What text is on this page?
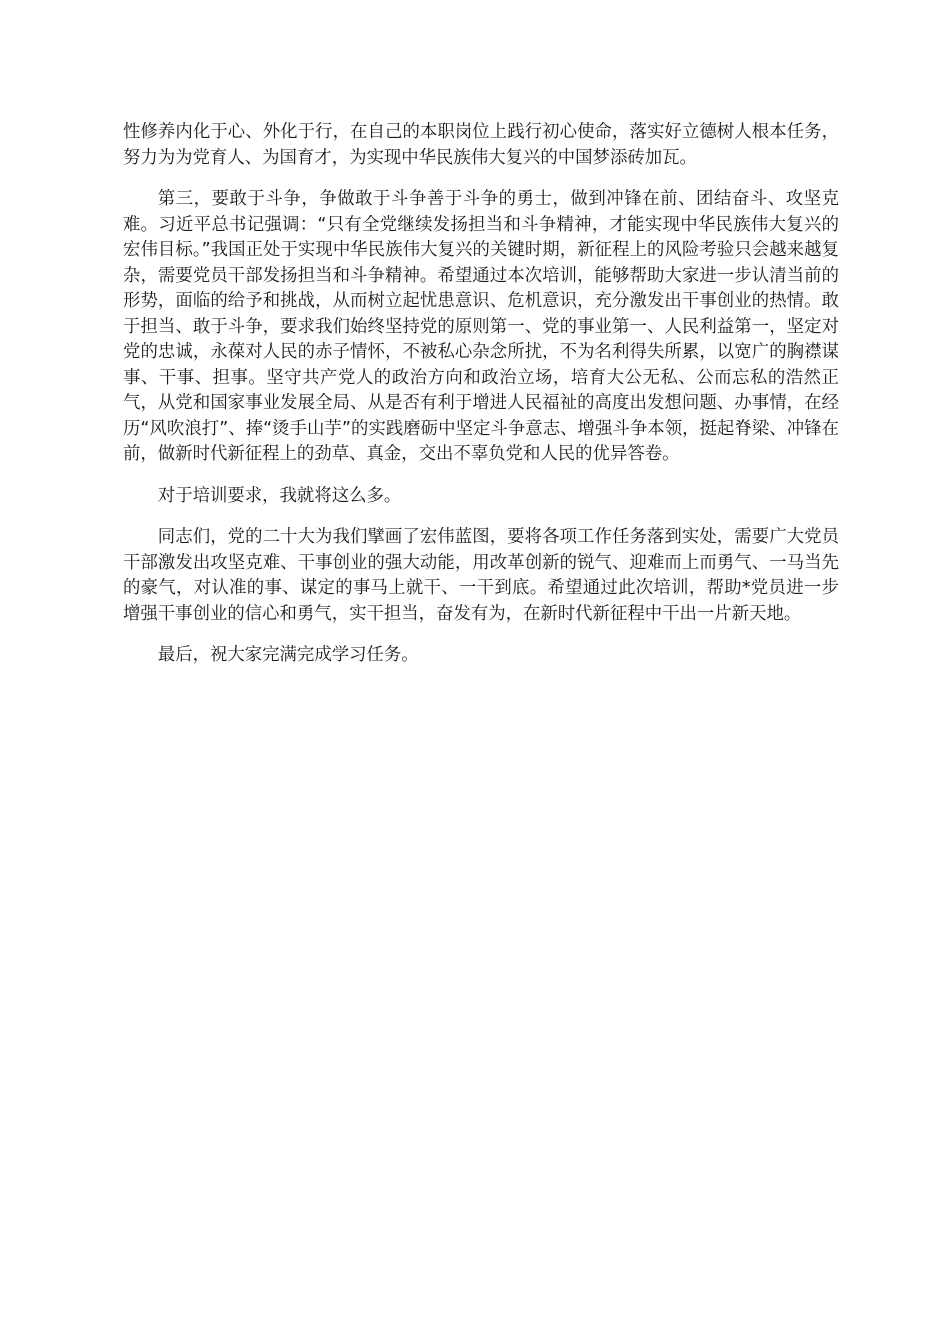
性修养内化于心、外化于行，在自己的本职岗位上践行初心使命，落实好立德树人根本任务，努力为为党育人、为国育才，为实现中华民族伟大复兴的中国梦添砖加瓦。

第三，要敢于斗争，争做敢于斗争善于斗争的勇士，做到冲锋在前、团结奋斗、攻坚克难。习近平总书记强调：“只有全党继续发扬担当和斗争精神，才能实现中华民族伟大复兴的宏伟目标。”我国正处于实现中华民族伟大复兴的关键时期，新征程上的风险考验只会越来越复杂，需要党员干部发扬担当和斗争精神。希望通过本次培训，能够帮助大家进一步认清当前的形势，面临的给予和挑战，从而树立起忧患意识、危机意识，充分激发出干事创业的热情。敢于担当、敢于斗争，要求我们始终坚持党的原则第一、党的事业第一、人民利益第一，坚定对党的忠诚，永葆对人民的赤子情怀，不被私心杂念所扰，不为名利得失所累，以宽广的胸襟谋事、干事、担事。坚守共产党人的政治方向和政治立场，培育大公无私、公而忘私的浩然正气，从党和国家事业发展全局、从是否有利于增进人民福祉的高度出发想问题、办事情，在经历“风吹浪打”、捧“烫手山芋”的实践磨砺中坚定斗争意志、增强斗争本领，挺起脊梁、冲锋在前，做新时代新征程上的劲草、真金，交出不辜负党和人民的优异答卷。

对于培训要求，我就将这么多。

同志们，党的二十大为我们擘画了宏伟蓝图，要将各项工作任务落到实处，需要广大党员干部激发出攻坚克难、干事创业的强大动能，用改革创新的锐气、迎难而上而勇气、一马当先的豪气，对认准的事、谋定的事马上就干、一干到底。希望通过此次培训，帮助*党员进一步增强干事创业的信心和勇气，实干担当，奋发有为，在新时代新征程中干出一片新天地。

最后，祝大家完满完成学习任务。
